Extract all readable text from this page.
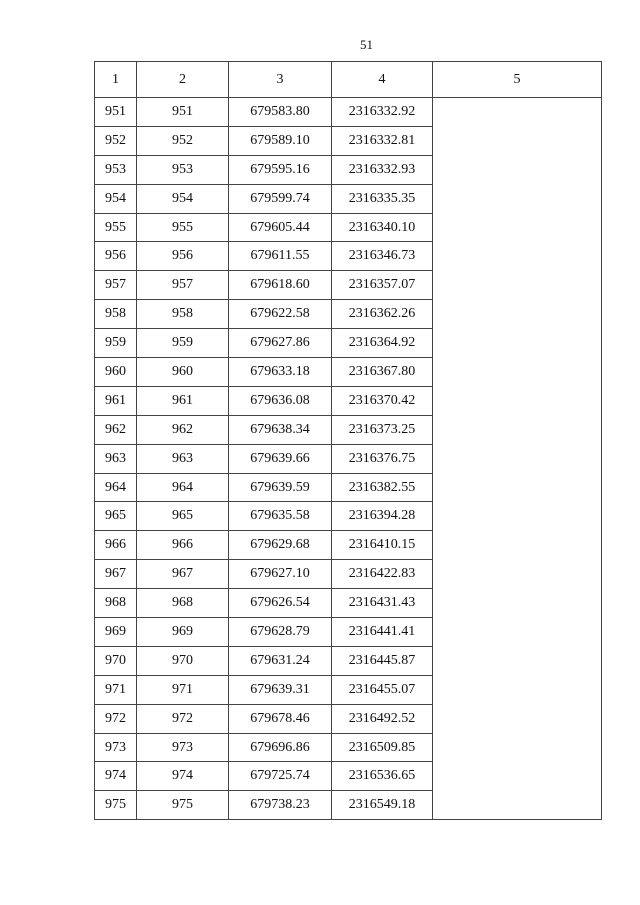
51
1	2	3	4	5
951	951	679583.80	2316332.92	
952	952	679589.10	2316332.81	
953	953	679595.16	2316332.93	
954	954	679599.74	2316335.35	
955	955	679605.44	2316340.10	
956	956	679611.55	2316346.73	
957	957	679618.60	2316357.07	
958	958	679622.58	2316362.26	
959	959	679627.86	2316364.92	
960	960	679633.18	2316367.80	
961	961	679636.08	2316370.42	
962	962	679638.34	2316373.25	
963	963	679639.66	2316376.75	
964	964	679639.59	2316382.55	
965	965	679635.58	2316394.28	
966	966	679629.68	2316410.15	
967	967	679627.10	2316422.83	
968	968	679626.54	2316431.43	
969	969	679628.79	2316441.41	
970	970	679631.24	2316445.87	
971	971	679639.31	2316455.07	
972	972	679678.46	2316492.52	
973	973	679696.86	2316509.85	
974	974	679725.74	2316536.65	
975	975	679738.23	2316549.18	
